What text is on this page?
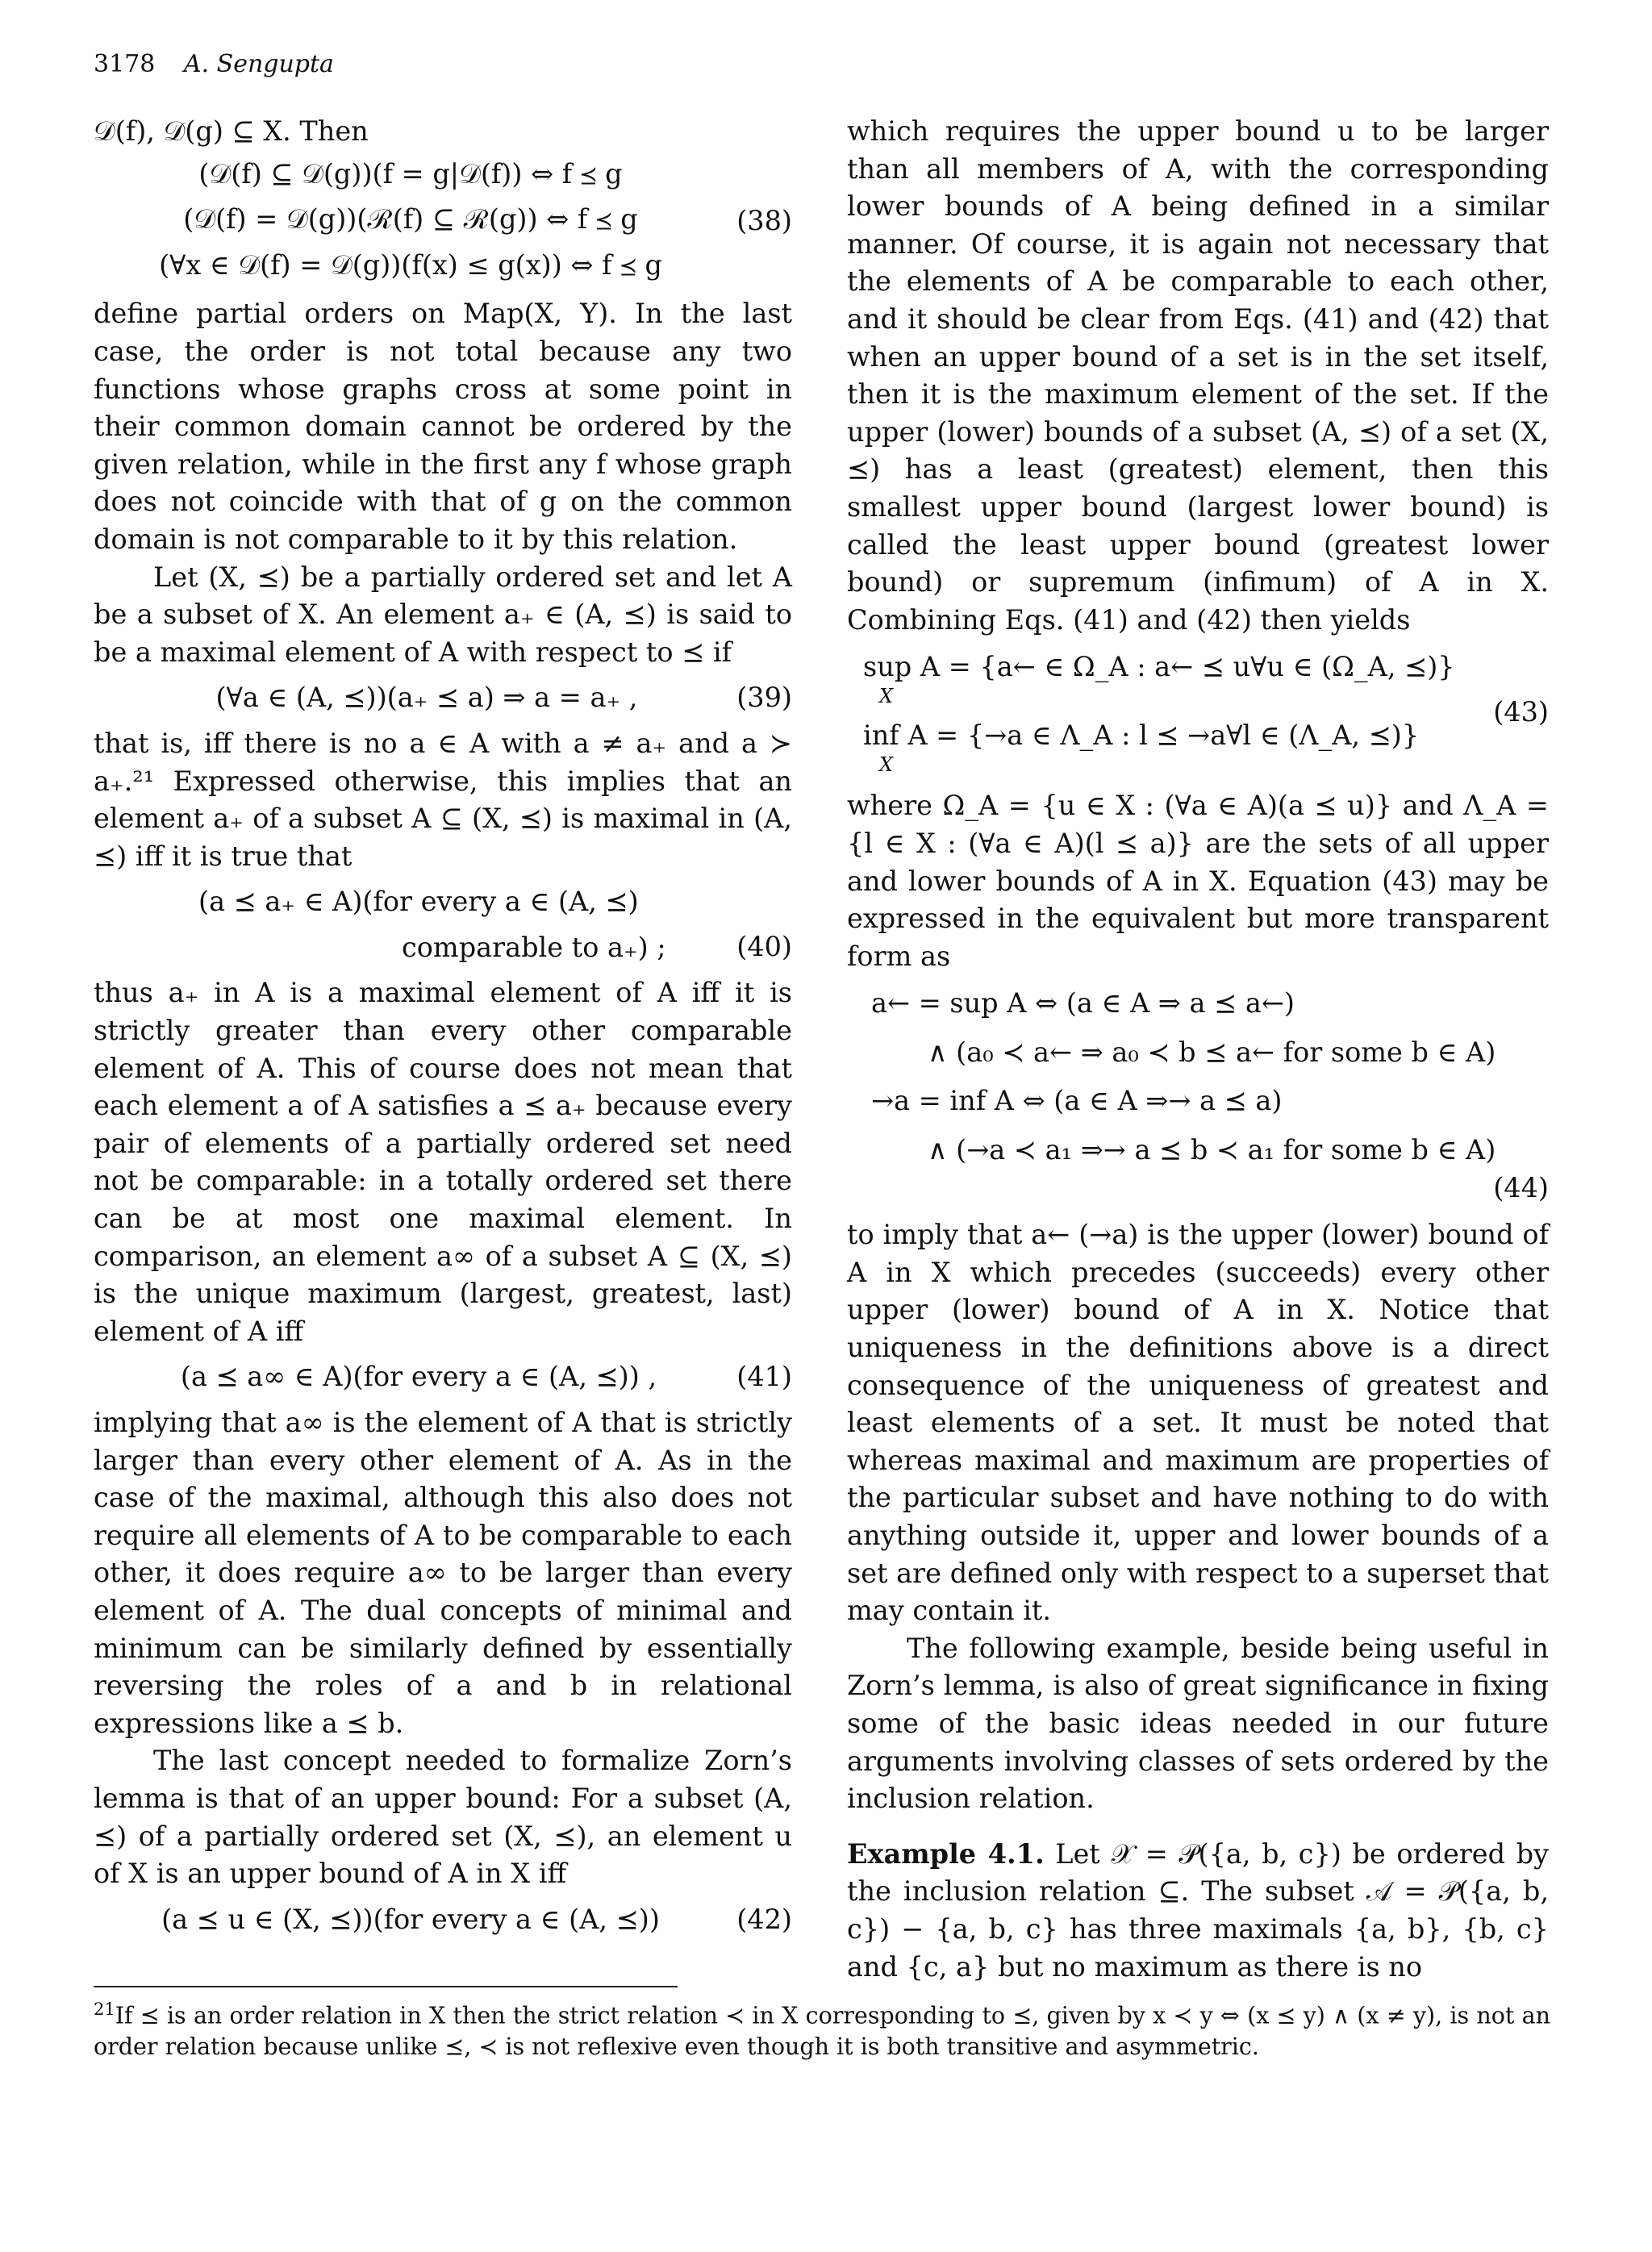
3178 A. Sengupta

𝒟(f), 𝒟(g) ⊆ X. Then

(𝒟(f) ⊆ 𝒟(g))(f = g|𝒟(f)) ⇔ f ⪯ g
(𝒟(f) = 𝒟(g))(ℛ(f) ⊆ ℛ(g)) ⇔ f ⪯ g
(∀x ∈ 𝒟(f) = 𝒟(g))(f(x) ≤ g(x)) ⇔ f ⪯ g
(38)

define partial orders on Map(X, Y). In the last case, the order is not total because any two functions whose graphs cross at some point in their common domain cannot be ordered by the given relation, while in the first any f whose graph does not coincide with that of g on the common domain is not comparable to it by this relation.

Let (X, ⪯) be a partially ordered set and let A be a subset of X. An element a₊ ∈ (A, ⪯) is said to be a maximal element of A with respect to ⪯ if

(∀a ∈ (A, ⪯))(a₊ ⪯ a) ⇒ a = a₊ ,	(39)

that is, iff there is no a ∈ A with a ≠ a₊ and a ≻ a₊.²¹ Expressed otherwise, this implies that an element a₊ of a subset A ⊆ (X, ⪯) is maximal in (A, ⪯) iff it is true that

(a ⪯ a₊ ∈ A)(for every a ∈ (A, ⪯)
comparable to a₊) ;	(40)

thus a₊ in A is a maximal element of A iff it is strictly greater than every other comparable element of A. This of course does not mean that each element a of A satisfies a ⪯ a₊ because every pair of elements of a partially ordered set need not be comparable: in a totally ordered set there can be at most one maximal element. In comparison, an element a∞ of a subset A ⊆ (X, ⪯) is the unique maximum (largest, greatest, last) element of A iff

(a ⪯ a∞ ∈ A)(for every a ∈ (A, ⪯)) ,	(41)

implying that a∞ is the element of A that is strictly larger than every other element of A. As in the case of the maximal, although this also does not require all elements of A to be comparable to each other, it does require a∞ to be larger than every element of A. The dual concepts of minimal and minimum can be similarly defined by essentially reversing the roles of a and b in relational expressions like a ⪯ b.

The last concept needed to formalize Zorn’s lemma is that of an upper bound: For a subset (A, ⪯) of a partially ordered set (X, ⪯), an element u of X is an upper bound of A in X iff

(a ⪯ u ∈ (X, ⪯))(for every a ∈ (A, ⪯))	(42)

which requires the upper bound u to be larger than all members of A, with the corresponding lower bounds of A being defined in a similar manner. Of course, it is again not necessary that the elements of A be comparable to each other, and it should be clear from Eqs. (41) and (42) that when an upper bound of a set is in the set itself, then it is the maximum element of the set. If the upper (lower) bounds of a subset (A, ⪯) of a set (X, ⪯) has a least (greatest) element, then this smallest upper bound (largest lower bound) is called the least upper bound (greatest lower bound) or supremum (infimum) of A in X. Combining Eqs. (41) and (42) then yields

sup A = {a← ∈ Ω_A : a← ⪯ u∀u ∈ (Ω_A, ⪯)}
X
inf A = {→a ∈ Λ_A : l ⪯ →a∀l ∈ (Λ_A, ⪯)}
X
(43)

where Ω_A = {u ∈ X : (∀a ∈ A)(a ⪯ u)} and Λ_A = {l ∈ X : (∀a ∈ A)(l ⪯ a)} are the sets of all upper and lower bounds of A in X. Equation (43) may be expressed in the equivalent but more transparent form as

a← = sup A ⇔ (a ∈ A ⇒ a ⪯ a←)
∧ (a₀ ≺ a← ⇒ a₀ ≺ b ⪯ a← for some b ∈ A)
→a = inf A ⇔ (a ∈ A ⇒→ a ⪯ a)
∧ (→a ≺ a₁ ⇒→ a ⪯ b ≺ a₁ for some b ∈ A)
(44)

to imply that a← (→a) is the upper (lower) bound of A in X which precedes (succeeds) every other upper (lower) bound of A in X. Notice that uniqueness in the definitions above is a direct consequence of the uniqueness of greatest and least elements of a set. It must be noted that whereas maximal and maximum are properties of the particular subset and have nothing to do with anything outside it, upper and lower bounds of a set are defined only with respect to a superset that may contain it.

The following example, beside being useful in Zorn’s lemma, is also of great significance in fixing some of the basic ideas needed in our future arguments involving classes of sets ordered by the inclusion relation.

Example 4.1. Let 𝒳 = 𝒫({a, b, c}) be ordered by the inclusion relation ⊆. The subset 𝒜 = 𝒫({a, b, c}) − {a, b, c} has three maximals {a, b}, {b, c} and {c, a} but no maximum as there is no

$^{21}$If ⪯ is an order relation in X then the strict relation ≺ in X corresponding to ⪯, given by x ≺ y ⇔ (x ⪯ y) ∧ (x ≠ y), is not an order relation because unlike ⪯, ≺ is not reflexive even though it is both transitive and asymmetric.
